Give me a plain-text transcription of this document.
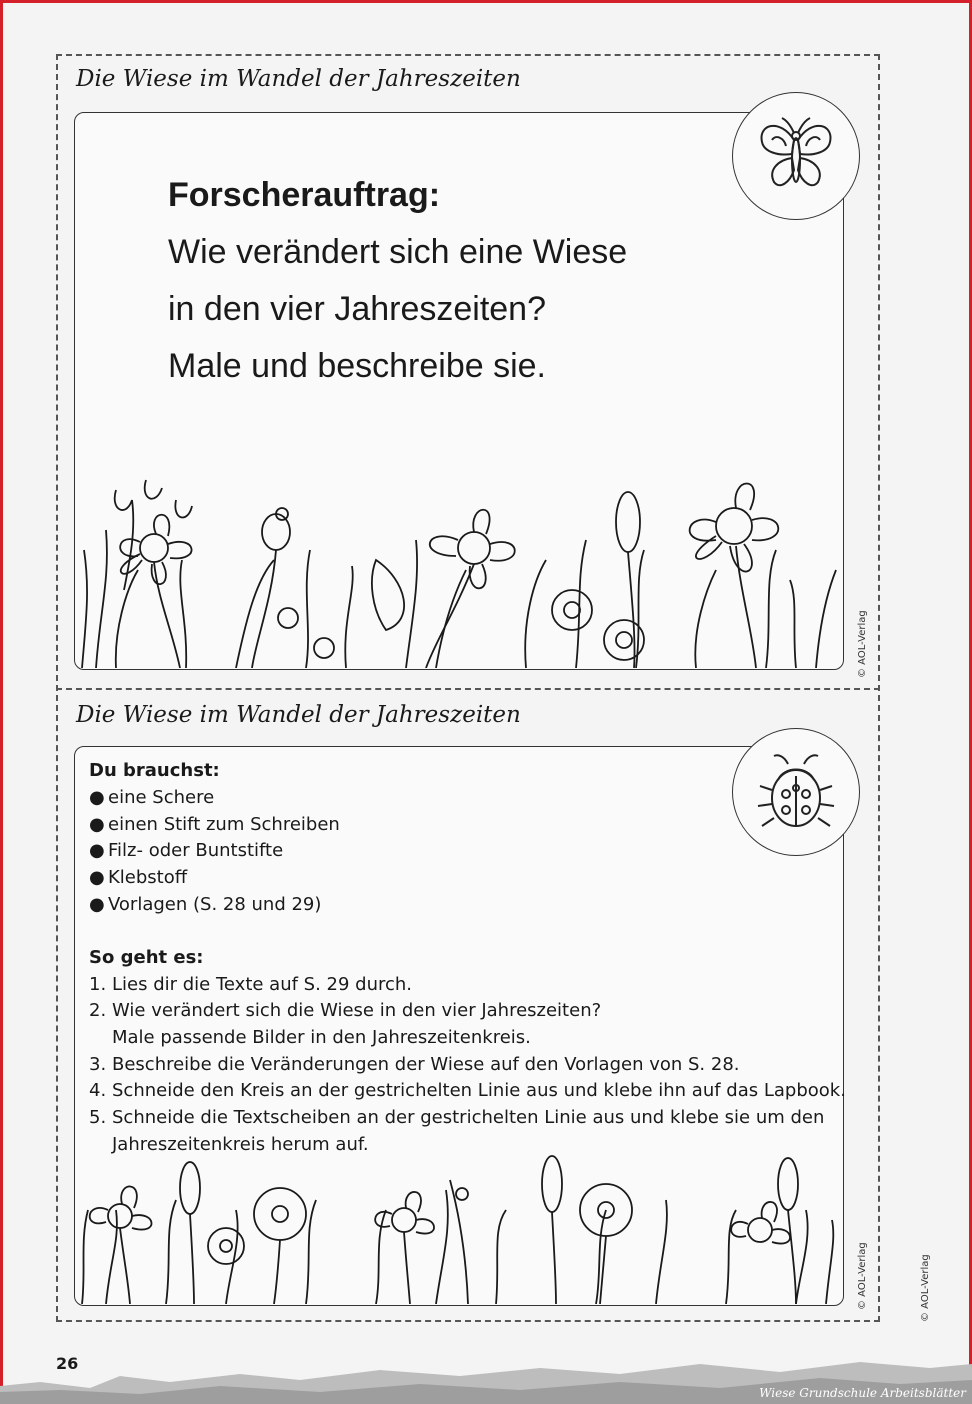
Die Wiese im Wandel der Jahreszeiten
Forscherauftrag:
Wie verändert sich eine Wiese
in den vier Jahreszeiten?
Male und beschreibe sie.
© AOL-Verlag
Die Wiese im Wandel der Jahreszeiten
Du brauchst:
● eine Schere
● einen Stift zum Schreiben
● Filz- oder Buntstifte
● Klebstoff
● Vorlagen (S. 28 und 29)
So geht es:
1. Lies dir die Texte auf S. 29 durch.
2. Wie verändert sich die Wiese in den vier Jahreszeiten?
Male passende Bilder in den Jahreszeitenkreis.
3. Beschreibe die Veränderungen der Wiese auf den Vorlagen von S. 28.
4. Schneide den Kreis an der gestrichelten Linie aus und klebe ihn auf das Lapbook.
5. Schneide die Textscheiben an der gestrichelten Linie aus und klebe sie um den
Jahreszeitenkreis herum auf.
© AOL-Verlag	© AOL-Verlag
26
Wiese Grundschule Arbeitsblätter
